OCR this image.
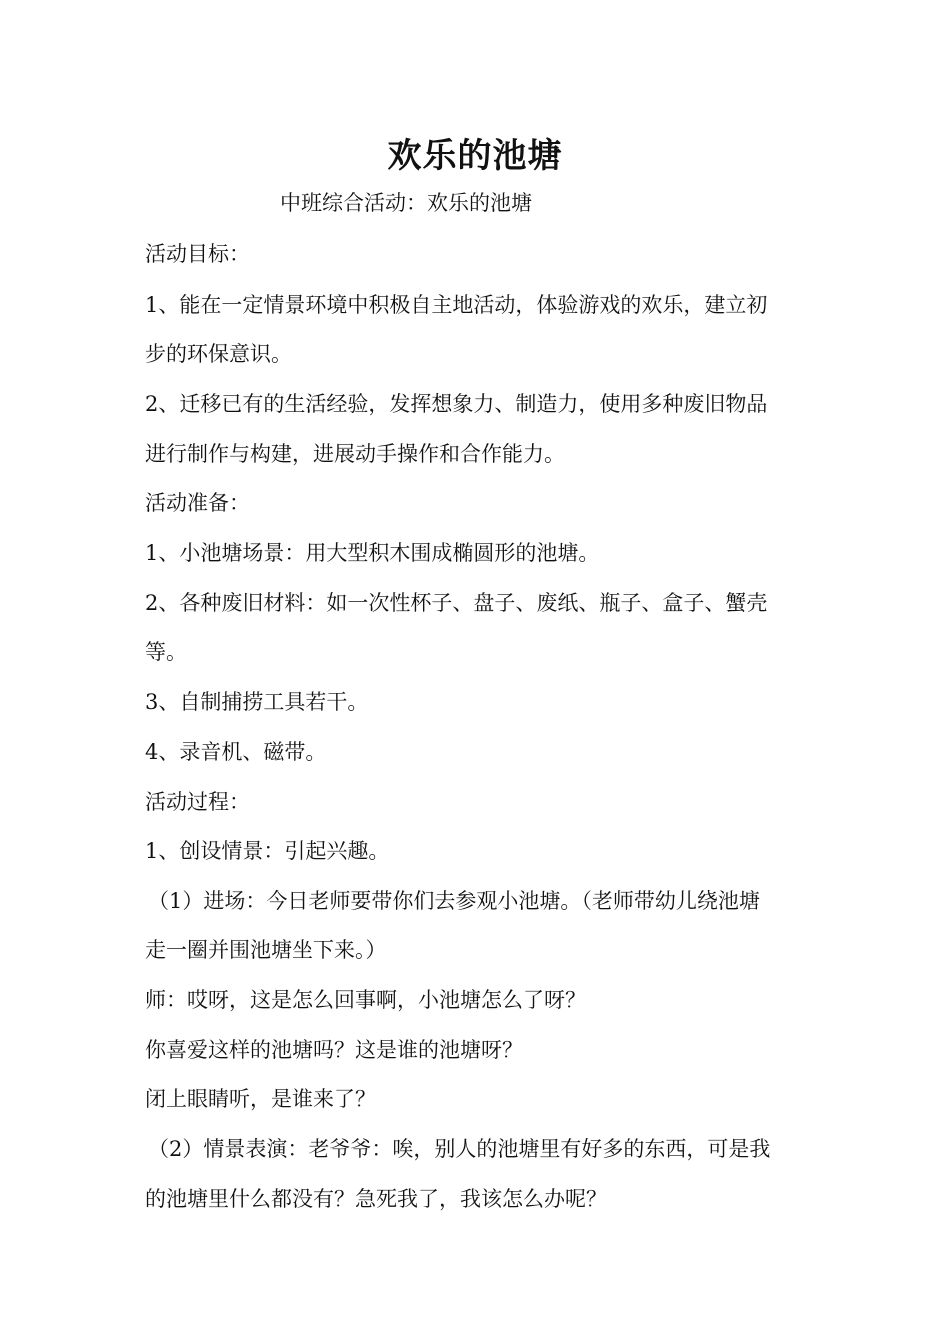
欢乐的池塘
中班综合活动：欢乐的池塘
活动目标：
1、能在一定情景环境中积极自主地活动，体验游戏的欢乐，建立初
步的环保意识。
2、迁移已有的生活经验，发挥想象力、制造力，使用多种废旧物品
进行制作与构建，进展动手操作和合作能力。
活动准备：
1、小池塘场景：用大型积木围成椭圆形的池塘。
2、各种废旧材料：如一次性杯子、盘子、废纸、瓶子、盒子、蟹壳
等。
3、自制捕捞工具若干。
4、录音机、磁带。
活动过程：
1、创设情景：引起兴趣。
（1）进场：今日老师要带你们去参观小池塘。（老师带幼儿绕池塘
走一圈并围池塘坐下来。）
师：哎呀，这是怎么回事啊，小池塘怎么了呀？
你喜爱这样的池塘吗？这是谁的池塘呀？
闭上眼睛听，是谁来了？
（2）情景表演：老爷爷：唉，别人的池塘里有好多的东西，可是我
的池塘里什么都没有？急死我了，我该怎么办呢？
